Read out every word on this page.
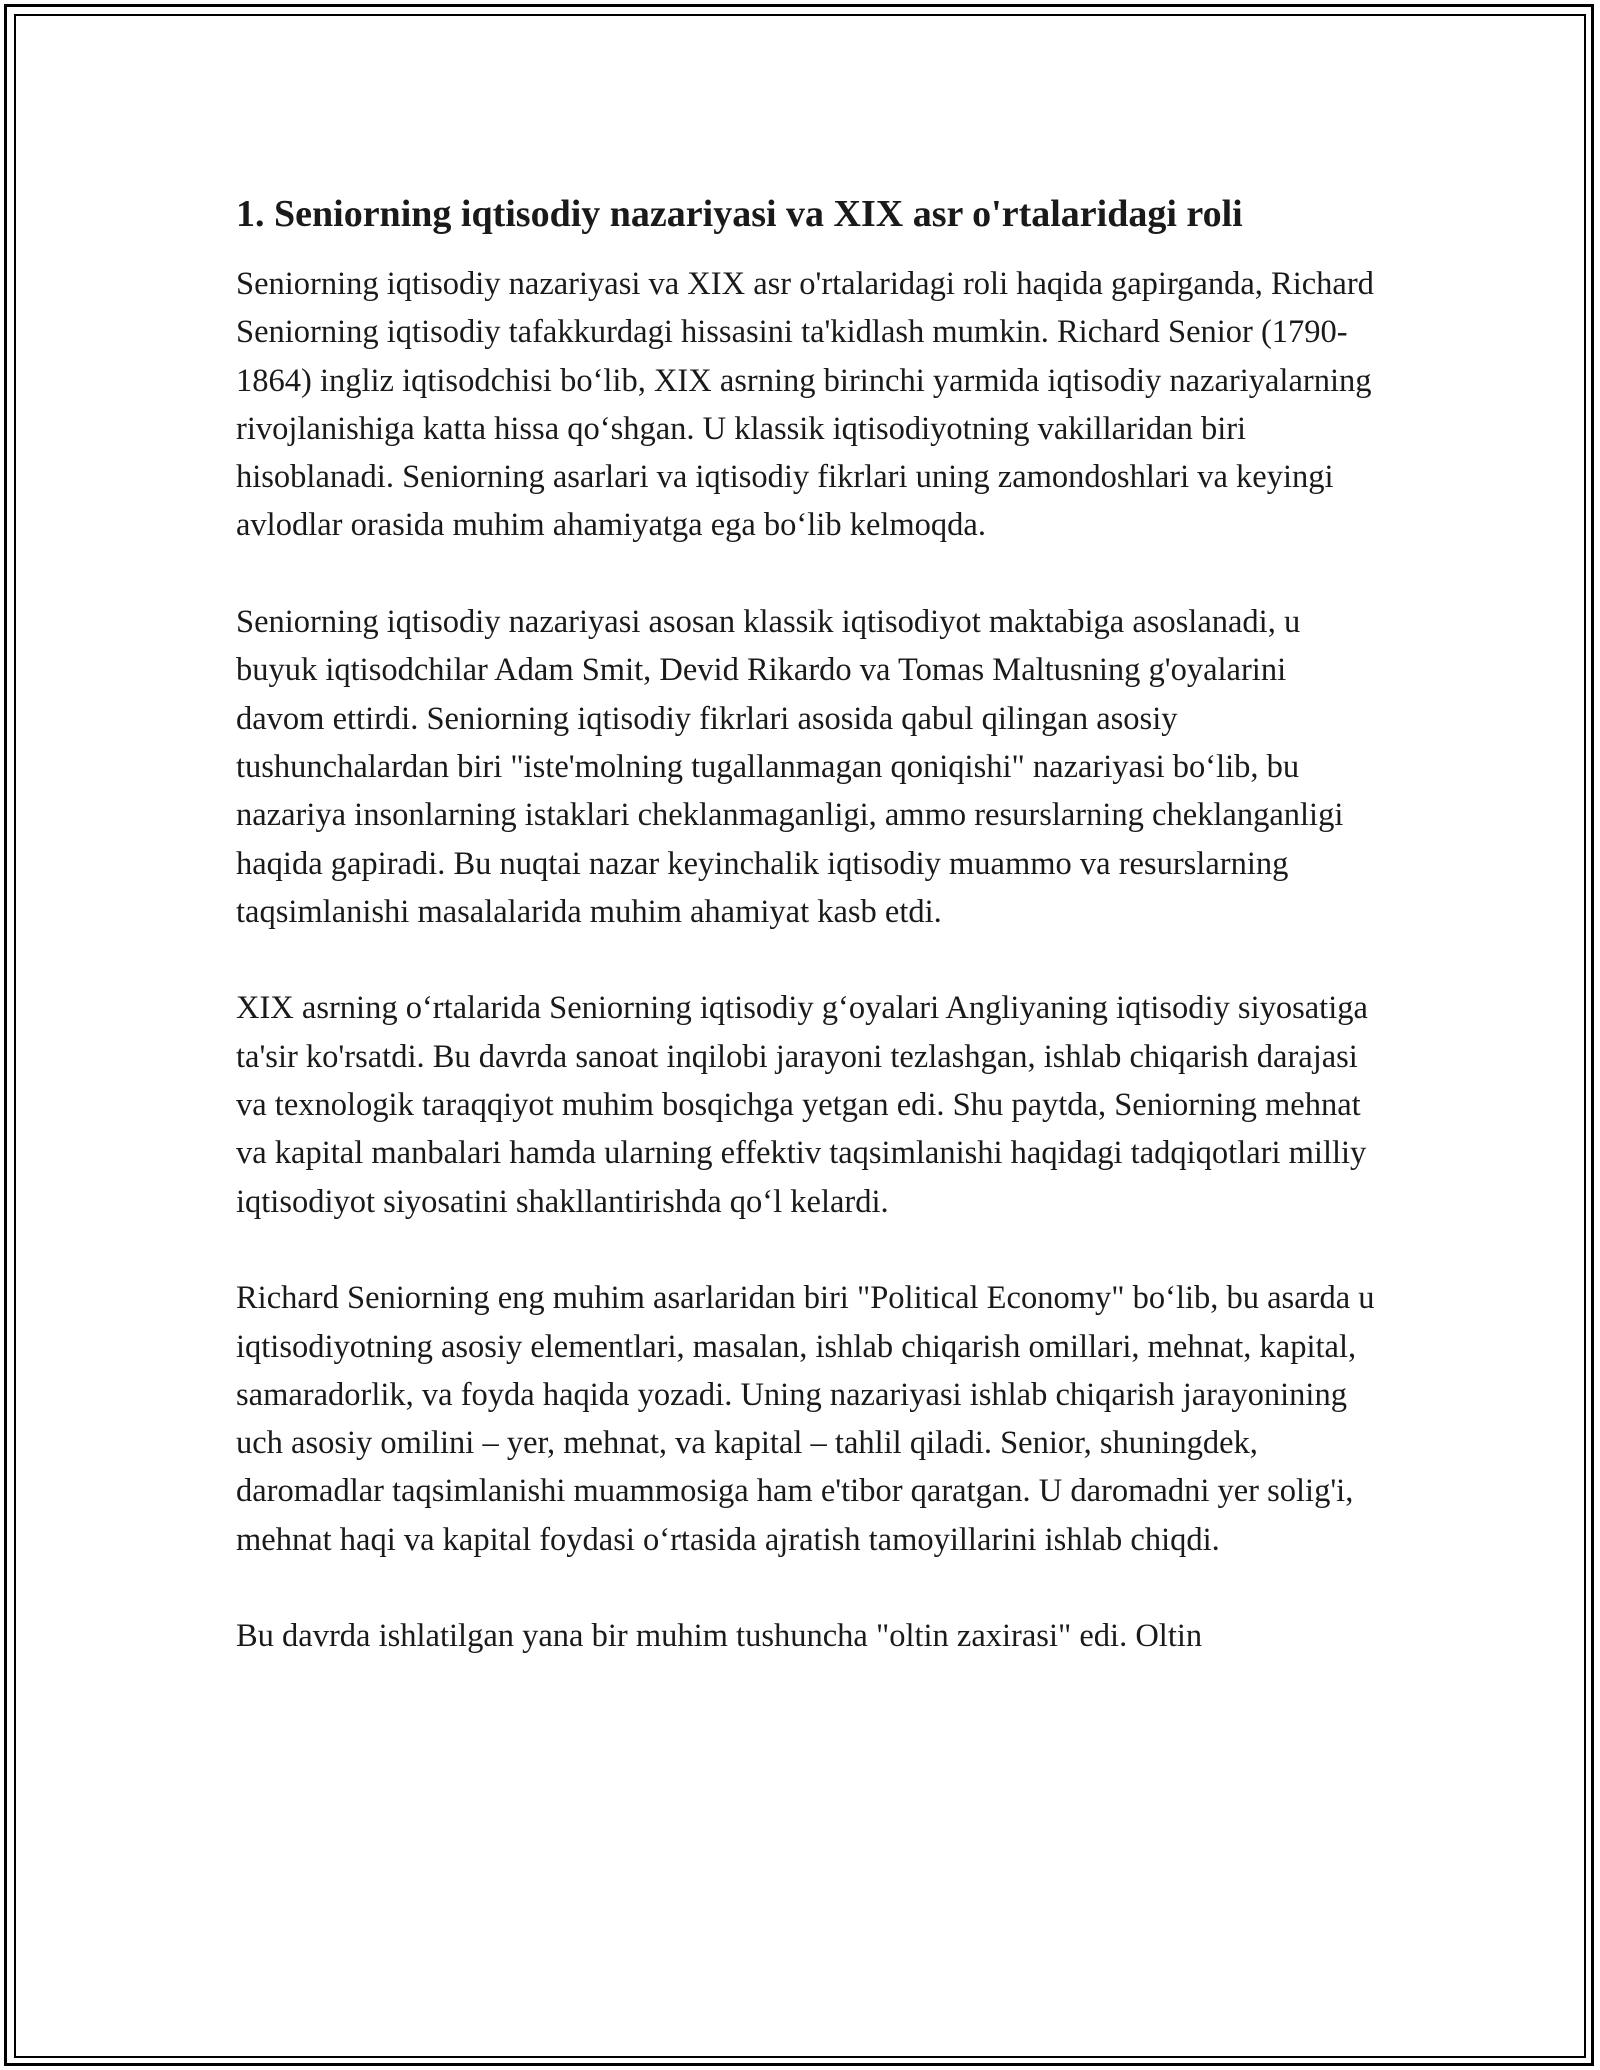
1. Seniorning iqtisodiy nazariyasi va XIX asr o'rtalaridagi roli

Seniorning iqtisodiy nazariyasi va XIX asr o'rtalaridagi roli haqida gapirganda, Richard Seniorning iqtisodiy tafakkurdagi hissasini ta'kidlash mumkin. Richard Senior (1790-1864) ingliz iqtisodchisi bo‘lib, XIX asrning birinchi yarmida iqtisodiy nazariyalarning rivojlanishiga katta hissa qo‘shgan. U klassik iqtisodiyotning vakillaridan biri hisoblanadi. Seniorning asarlari va iqtisodiy fikrlari uning zamondoshlari va keyingi avlodlar orasida muhim ahamiyatga ega bo‘lib kelmoqda.

Seniorning iqtisodiy nazariyasi asosan klassik iqtisodiyot maktabiga asoslanadi, u buyuk iqtisodchilar Adam Smit, Devid Rikardo va Tomas Maltusning g'oyalarini davom ettirdi. Seniorning iqtisodiy fikrlari asosida qabul qilingan asosiy tushunchalardan biri "iste'molning tugallanmagan qoniqishi" nazariyasi bo‘lib, bu nazariya insonlarning istaklari cheklanmaganligi, ammo resurslarning cheklanganligi haqida gapiradi. Bu nuqtai nazar keyinchalik iqtisodiy muammo va resurslarning taqsimlanishi masalalarida muhim ahamiyat kasb etdi.

XIX asrning o‘rtalarida Seniorning iqtisodiy g‘oyalari Angliyaning iqtisodiy siyosatiga ta'sir ko'rsatdi. Bu davrda sanoat inqilobi jarayoni tezlashgan, ishlab chiqarish darajasi va texnologik taraqqiyot muhim bosqichga yetgan edi. Shu paytda, Seniorning mehnat va kapital manbalari hamda ularning effektiv taqsimlanishi haqidagi tadqiqotlari milliy iqtisodiyot siyosatini shakllantirishda qo‘l kelardi.

Richard Seniorning eng muhim asarlaridan biri "Political Economy" bo‘lib, bu asarda u iqtisodiyotning asosiy elementlari, masalan, ishlab chiqarish omillari, mehnat, kapital, samaradorlik, va foyda haqida yozadi. Uning nazariyasi ishlab chiqarish jarayonining uch asosiy omilini – yer, mehnat, va kapital – tahlil qiladi. Senior, shuningdek, daromadlar taqsimlanishi muammosiga ham e'tibor qaratgan. U daromadni yer solig'i, mehnat haqi va kapital foydasi o‘rtasida ajratish tamoyillarini ishlab chiqdi.

Bu davrda ishlatilgan yana bir muhim tushuncha "oltin zaxirasi" edi. Oltin
